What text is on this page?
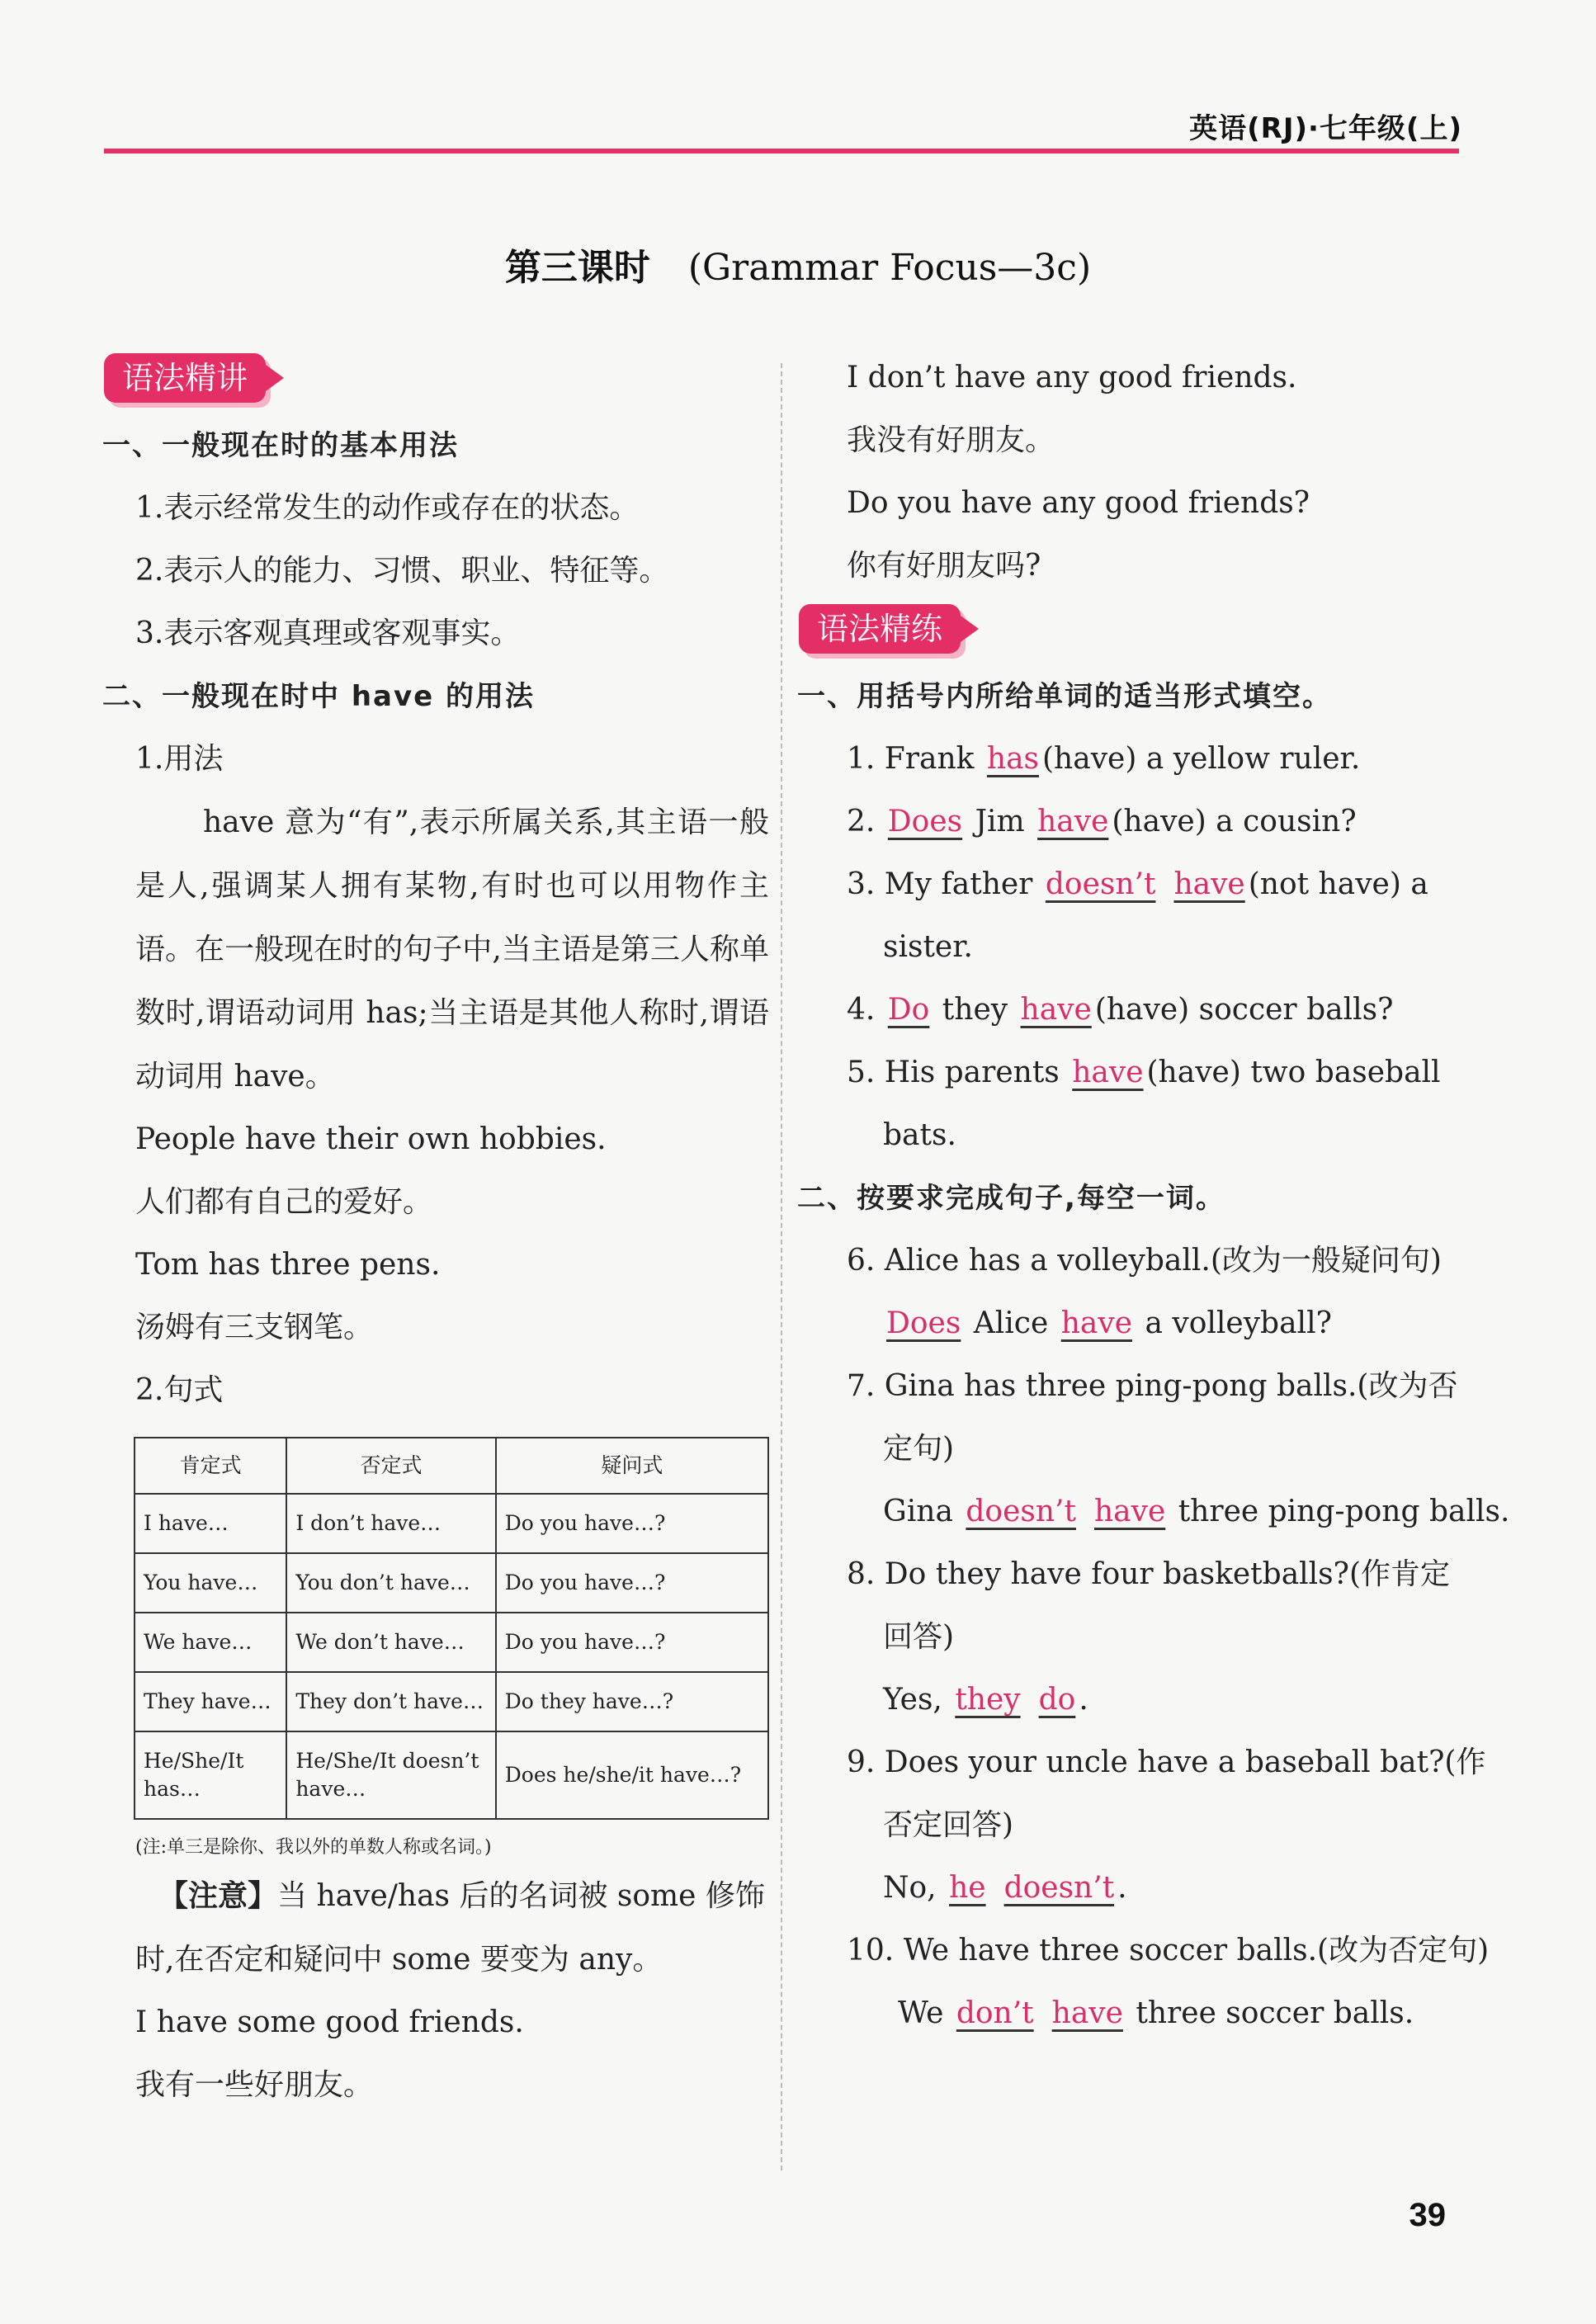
英语(RJ)·七年级(上)
第三课时 (Grammar Focus—3c)
语法精讲
一、一般现在时的基本用法
1.表示经常发生的动作或存在的状态。
2.表示人的能力、习惯、职业、特征等。
3.表示客观真理或客观事实。
二、一般现在时中 have 的用法
1.用法

have 意为“有”,表示所属关系,其主语一般是人,强调某人拥有某物,有时也可以用物作主语。在一般现在时的句子中,当主语是第三人称单数时,谓语动词用 has;当主语是其他人称时,谓语动词用 have。

People have their own hobbies.
人们都有自己的爱好。
Tom has three pens.
汤姆有三支钢笔。
2.句式
肯定式	否定式	疑问式
I have…	I don’t have…	Do you have…?
You have…	You don’t have…	Do you have…?
We have…	We don’t have…	Do you have…?
They have…	They don’t have…	Do they have…?
He/She/It has…	He/She/It doesn’t have…	Does he/she/it have…?
(注:单三是除你、我以外的单数人称或名词。)
【注意】当 have/has 后的名词被 some 修饰时,在否定和疑问中 some 要变为 any。
I have some good friends.
我有一些好朋友。
I don’t have any good friends.
我没有好朋友。
Do you have any good friends?
你有好朋友吗?
语法精练
一、用括号内所给单词的适当形式填空。
1. Frank has (have) a yellow ruler.
2. Does Jim have (have) a cousin?
3. My father doesn’t have (not have) a
sister.
4. Do they have (have) soccer balls?
5. His parents have (have) two baseball
bats.
二、按要求完成句子,每空一词。
6. Alice has a volleyball.(改为一般疑问句)
Does Alice have a volleyball?
7. Gina has three ping-pong balls.(改为否
定句)
Gina doesn’t have three ping-pong balls.
8. Do they have four basketballs?(作肯定
回答)
Yes, they do .
9. Does your uncle have a baseball bat?(作
否定回答)
No, he doesn’t .
10. We have three soccer balls.(改为否定句)
We don’t have three soccer balls.
39
